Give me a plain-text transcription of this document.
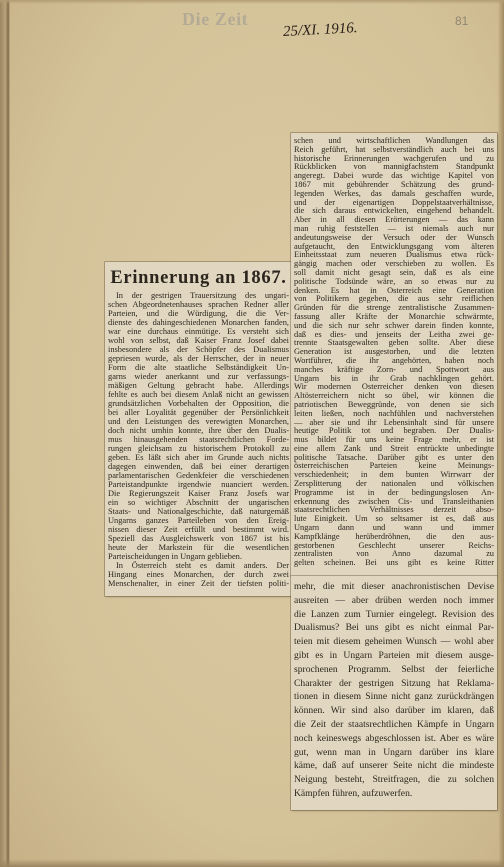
Die Zeit
25/XI. 1916.	81
Erinnerung an 1867.
In der gestrigen Trauersitzung des ungari-
schen Abgeordnetenhauses sprachen Redner aller
Parteien, und die Würdigung, die die Ver-
dienste des dahingeschiedenen Monarchen fanden,
war eine durchaus einmütige. Es versteht sich
wohl von selbst, daß Kaiser Franz Josef dabei
insbesondere als der Schöpfer des Dualismus
gepriesen wurde, als der Herrscher, der in neuer
Form die alte staatliche Selbständigkeit Un-
garns wieder anerkannt und zur verfassungs-
mäßigen Geltung gebracht habe. Allerdings
fehlte es auch bei diesem Anlaß nicht an gewissen
grundsätzlichen Vorbehalten der Opposition, die
bei aller Loyalität gegenüber der Persönlichkeit
und den Leistungen des verewigten Monarchen,
doch nicht umhin konnte, ihre über den Dualis-
mus hinausgehenden staatsrechtlichen Forde-
rungen gleichsam zu historischem Protokoll zu
geben. Es läßt sich aber im Grunde auch nichts
dagegen einwenden, daß bei einer derartigen
parlamentarischen Gedenkfeier die verschiedenen
Parteistandpunkte irgendwie nuanciert werden.
Die Regierungszeit Kaiser Franz Josefs war
ein so wichtiger Abschnitt der ungarischen
Staats- und Nationalgeschichte, daß naturgemäß
Ungarns ganzes Parteileben von den Ereig-
nissen dieser Zeit erfüllt und bestimmt wird.
Speziell das Ausgleichswerk von 1867 ist bis
heute der Markstein für die wesentlichen
Parteischeidungen in Ungarn geblieben.
In Österreich steht es damit anders. Der
Hingang eines Monarchen, der durch zwei
Menschenalter, in einer Zeit der tiefsten politi-
schen und wirtschaftlichen Wandlungen das
Reich geführt, hat selbstverständlich auch bei uns
historische Erinnerungen wachgerufen und zu
Rückblicken von mannigfachstem Standpunkt
angeregt. Dabei wurde das wichtige Kapitel von
1867 mit gebührender Schätzung des grund-
legenden Werkes, das damals geschaffen wurde,
und der eigenartigen Doppelstaatverhältnisse,
die sich daraus entwickelten, eingehend behandelt.
Aber in all diesen Erörterungen — das kann
man ruhig feststellen — ist niemals auch nur
andeutungsweise der Versuch oder der Wunsch
aufgetaucht, den Entwicklungsgang vom älteren
Einheitsstaat zum neueren Dualismus etwa rück-
gängig machen oder verschieben zu wollen. Es
soll damit nicht gesagt sein, daß es als eine
politische Todsünde wäre, an so etwas nur zu
denken. Es hat in Österreich eine Generation
von Politikern gegeben, die aus sehr reiflichen
Gründen für die strenge zentralistische Zusammen-
fassung aller Kräfte der Monarchie schwärmte,
und die sich nur sehr schwer darein finden konnte,
daß es dies- und jenseits der Leitha zwei ge-
trennte Staatsgewalten geben sollte. Aber diese
Generation ist ausgestorben, und die letzten
Wortführer, die ihr angehörten, haben noch
manches kräftige Zorn- und Spottwort aus
Ungarn bis in ihr Grab nachklingen gehört.
Wir modernen Österreicher denken von diesen
Altösterreichern nicht so übel, wir können die
patriotischen Beweggründe, von denen sie sich
leiten ließen, noch nachfühlen und nachverstehen
— aber sie und ihr Lebensinhalt sind für unsere
heutige Politik tot und begraben. Der Dualis-
mus bildet für uns keine Frage mehr, er ist
eine allem Zank und Streit entrückte unbedingte
politische Tatsache. Darüber gibt es unter den
österreichischen Parteien keine Meinungs-
verschiedenheit; in dem bunten Wirrwarr der
Zersplitterung der nationalen und völkischen
Programme ist in der bedingungslosen An-
erkennung des zwischen Cis- und Transleithanien
staatsrechtlichen Verhältnisses derzeit abso-
lute Einigkeit. Um so seltsamer ist es, daß aus
Ungarn dann und wann und immer
Kampfklänge herüberdröhnen, die den aus-
gestorbenen Geschlecht unserer Reichs-
zentralisten von Anno dazumal zu
gelten scheinen. Bei uns gibt es keine Ritter
mehr, die mit dieser anachronistischen Devise
ausreiten — aber drüben werden noch immer
die Lanzen zum Turnier eingelegt. Revision des
Dualismus? Bei uns gibt es nicht einmal Par-
teien mit diesem geheimen Wunsch — wohl aber
gibt es in Ungarn Parteien mit diesem ausge-
sprochenen Programm. Selbst der feierliche
Charakter der gestrigen Sitzung hat Reklama-
tionen in diesem Sinne nicht ganz zurückdrängen
können. Wir sind also darüber im klaren, daß
die Zeit der staatsrechtlichen Kämpfe in Ungarn
noch keineswegs abgeschlossen ist. Aber es wäre
gut, wenn man in Ungarn darüber ins klare
käme, daß auf unserer Seite nicht die mindeste
Neigung besteht, Streitfragen, die zu solchen
Kämpfen führen, aufzuwerfen.
